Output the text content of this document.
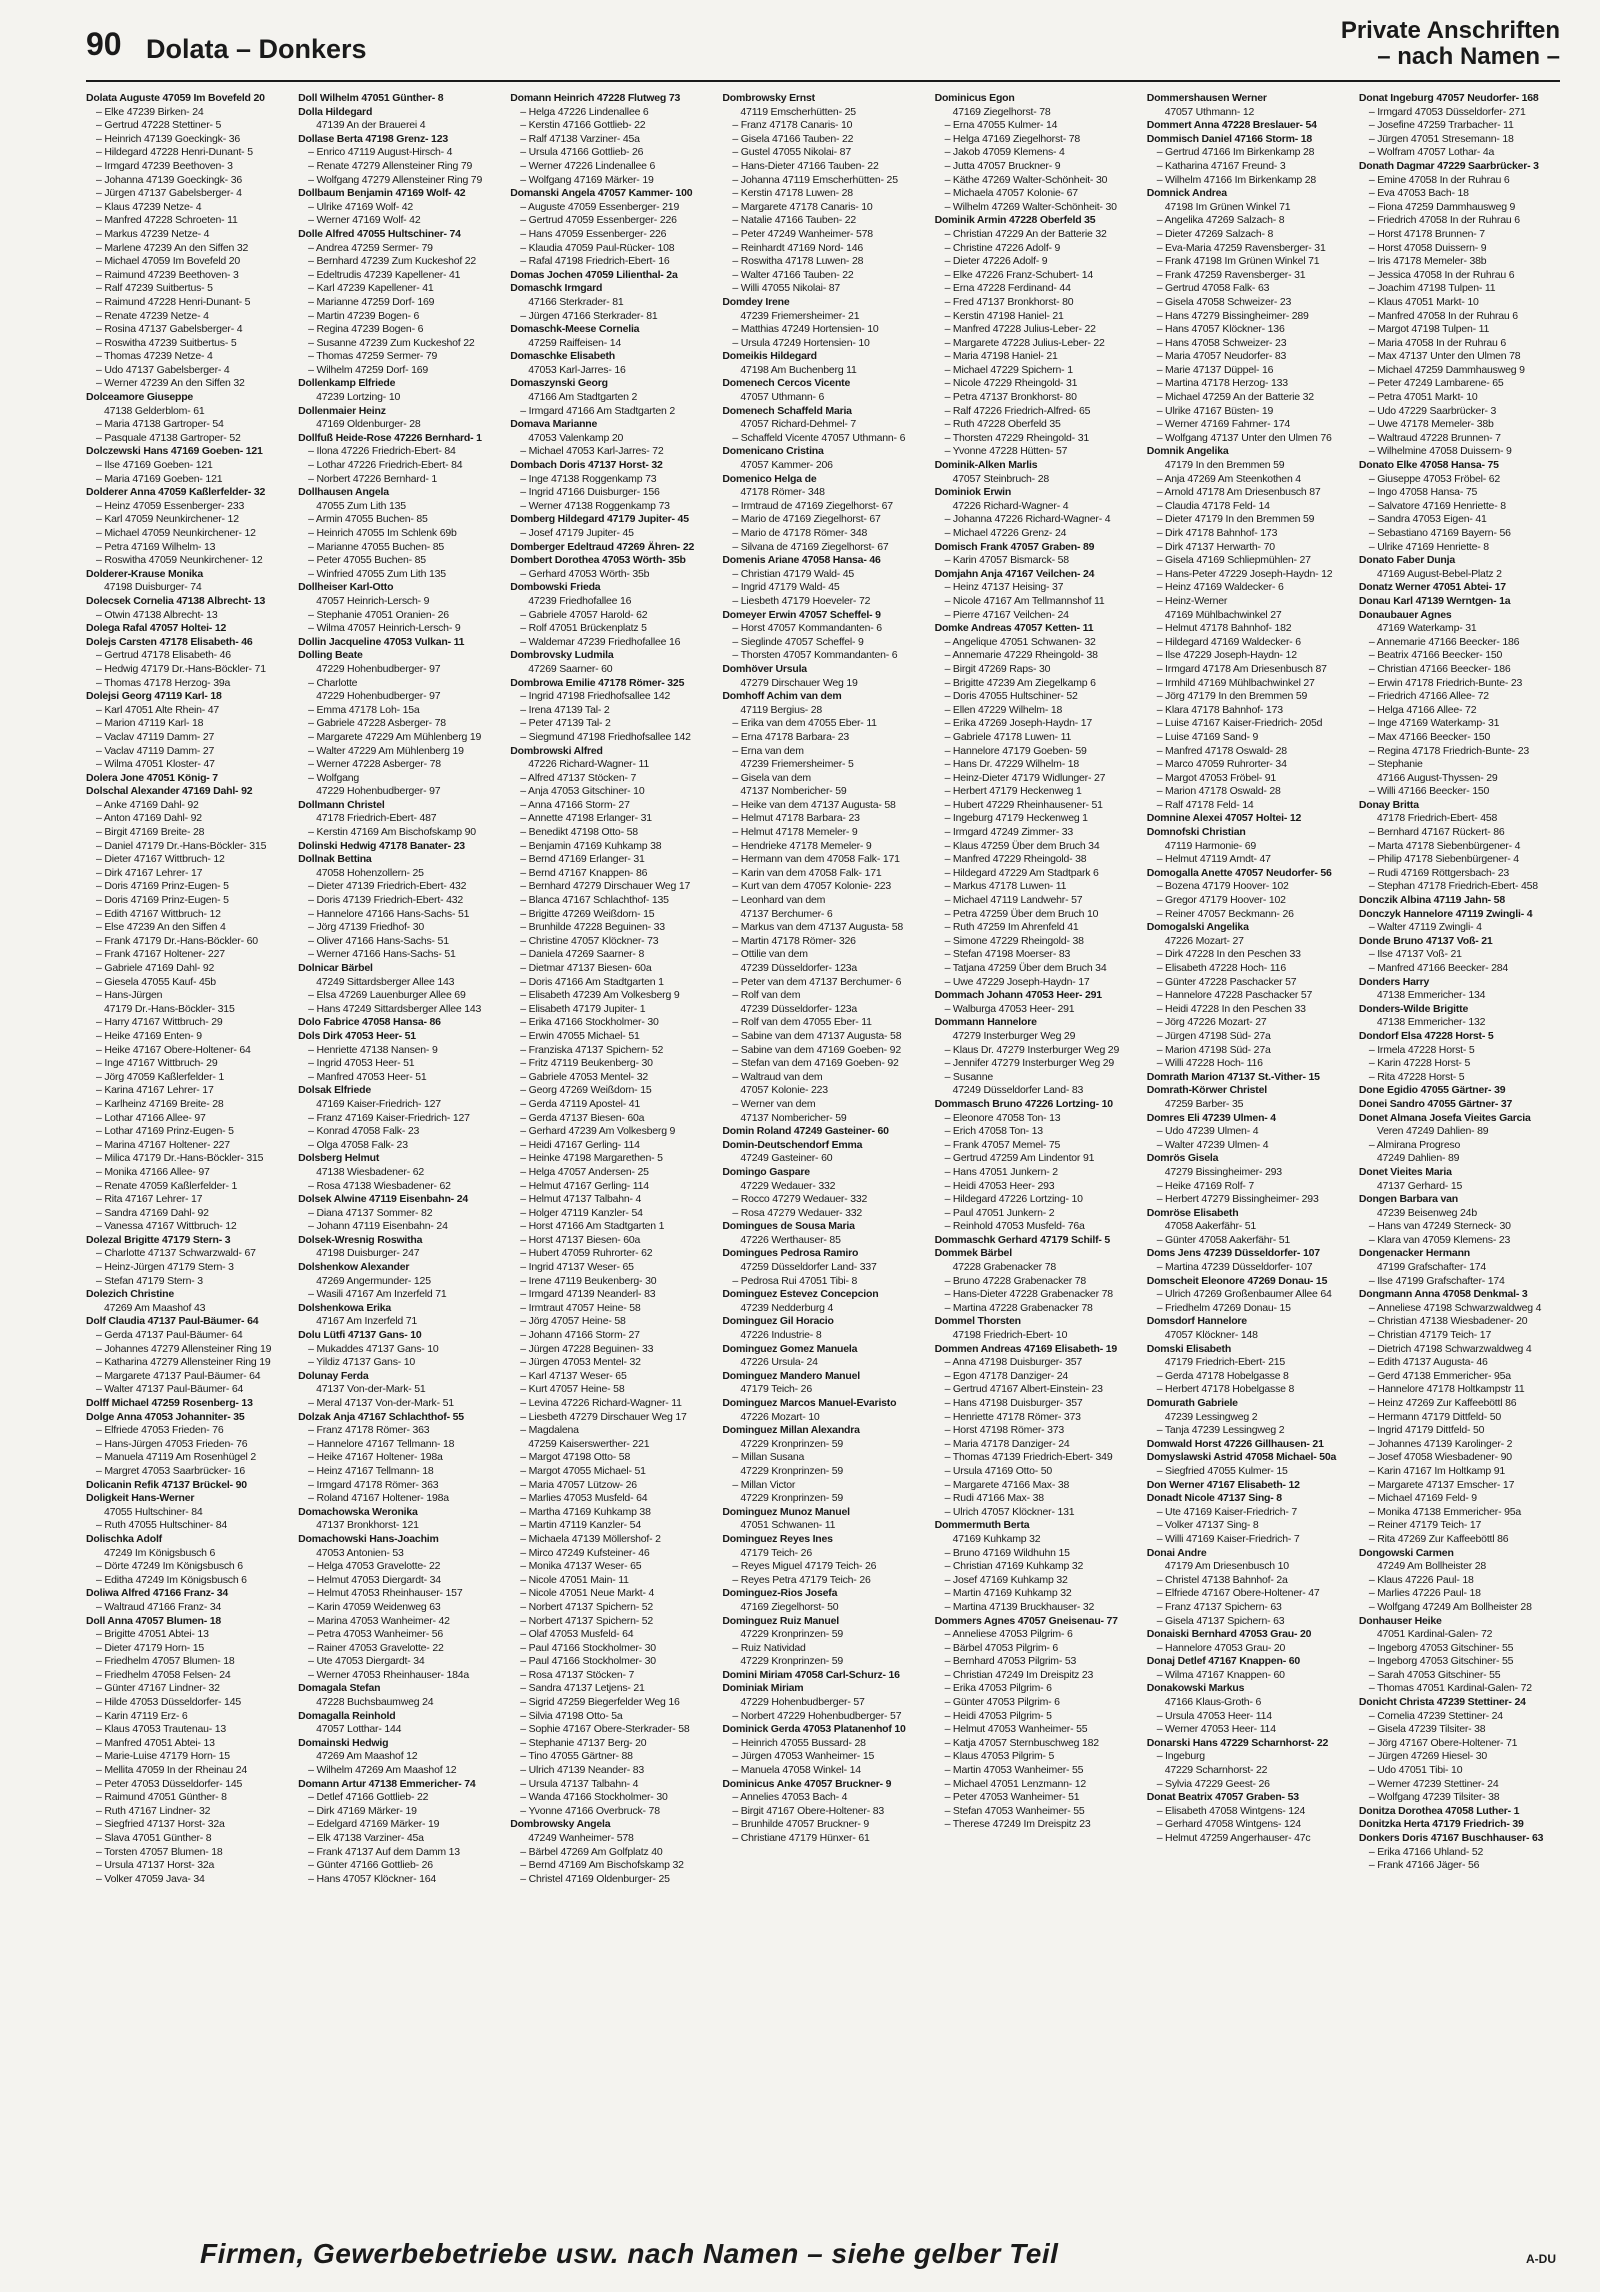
90 Dolata – Donkers
Private Anschriften
– nach Namen –
Dolata Auguste 47059 Im Bovefeld 20
– Elke 47239 Birken- 24
– Gertrud 47228 Stettiner- 5
– Heinrich 47139 Goeckingk- 36
– Hildegard 47228 Henri-Dunant- 5
– Irmgard 47239 Beethoven- 3
– Johanna 47139 Goeckingk- 36
– Jürgen 47137 Gabelsberger- 4
– Klaus 47239 Netze- 4
– Manfred 47228 Schroeten- 11
– Markus 47239 Netze- 4
– Marlene 47239 An den Siffen 32
– Michael 47059 Im Bovefeld 20
– Raimund 47239 Beethoven- 3
– Ralf 47239 Suitbertus- 5
– Raimund 47228 Henri-Dunant- 5
– Renate 47239 Netze- 4
– Rosina 47137 Gabelsberger- 4
– Roswitha 47239 Suitbertus- 5
– Thomas 47239 Netze- 4
– Udo 47137 Gabelsberger- 4
– Werner 47239 An den Siffen 32
Dolceamore Giuseppe
47138 Gelderblom- 61
– Maria 47138 Gartroper- 54
– Pasquale 47138 Gartroper- 52
Dolczewski Hans 47169 Goeben- 121
– Ilse 47169 Goeben- 121
– Maria 47169 Goeben- 121
Dolderer Anna 47059 Kaßlerfelder- 32
– Heinz 47059 Essenberger- 233
– Karl 47059 Neunkirchener- 12
– Michael 47059 Neunkirchener- 12
– Petra 47169 Wilhelm- 13
– Roswitha 47059 Neunkirchener- 12
Dolderer-Krause Monika
47198 Duisburger- 74
Dolecsek Cornelia 47138 Albrecht- 13
– Otwin 47138 Albrecht- 13
Dolega Rafal 47057 Holtei- 12
Dolejs Carsten 47178 Elisabeth- 46
– Gertrud 47178 Elisabeth- 46
– Hedwig 47179 Dr.-Hans-Böckler- 71
– Thomas 47178 Herzog- 39a
Dolejsi Georg 47119 Karl- 18
– Karl 47051 Alte Rhein- 47
– Marion 47119 Karl- 18
– Vaclav 47119 Damm- 27
– Vaclav 47119 Damm- 27
– Wilma 47051 Kloster- 47
Dolera Jone 47051 König- 7
Dolschal Alexander 47169 Dahl- 92
– Anke 47169 Dahl- 92
– Anton 47169 Dahl- 92
– Birgit 47169 Breite- 28
– Daniel 47179 Dr.-Hans-Böckler- 315
– Dieter 47167 Wittbruch- 12
– Dirk 47167 Lehrer- 17
– Doris 47169 Prinz-Eugen- 5
– Doris 47169 Prinz-Eugen- 5
– Edith 47167 Wittbruch- 12
– Else 47239 An den Siffen 4
– Frank 47179 Dr.-Hans-Böckler- 60
– Frank 47167 Holtener- 227
– Gabriele 47169 Dahl- 92
– Giesela 47055 Kauf- 45b
– Hans-Jürgen
47179 Dr.-Hans-Böckler- 315
– Harry 47167 Wittbruch- 29
– Heike 47169 Enten- 9
– Heike 47167 Obere-Holtener- 64
– Inge 47167 Wittbruch- 29
– Jörg 47059 Kaßlerfelder- 1
– Karina 47167 Lehrer- 17
– Karlheinz 47169 Breite- 28
– Lothar 47166 Allee- 97
– Lothar 47169 Prinz-Eugen- 5
– Marina 47167 Holtener- 227
– Milica 47179 Dr.-Hans-Böckler- 315
– Monika 47166 Allee- 97
– Renate 47059 Kaßlerfelder- 1
– Rita 47167 Lehrer- 17
– Sandra 47169 Dahl- 92
– Vanessa 47167 Wittbruch- 12
Dolezal Brigitte 47179 Stern- 3
– Charlotte 47137 Schwarzwald- 67
– Heinz-Jürgen 47179 Stern- 3
– Stefan 47179 Stern- 3
Dolezich Christine
47269 Am Maashof 43
Dolf Claudia 47137 Paul-Bäumer- 64
– Gerda 47137 Paul-Bäumer- 64
– Johannes 47279 Allensteiner Ring 19
– Katharina 47279 Allensteiner Ring 19
– Margarete 47137 Paul-Bäumer- 64
– Walter 47137 Paul-Bäumer- 64
Dolff Michael 47259 Rosenberg- 13
Dolge Anna 47053 Johanniter- 35
– Elfriede 47053 Frieden- 76
– Hans-Jürgen 47053 Frieden- 76
– Manuela 47119 Am Rosenhügel 2
– Margret 47053 Saarbrücker- 16
Dolicanin Refik 47137 Brückel- 90
Doligkeit Hans-Werner
47055 Hultschiner- 84
– Ruth 47055 Hultschiner- 84
Dolischka Adolf
47249 Im Königsbusch 6
– Dörte 47249 Im Königsbusch 6
– Editha 47249 Im Königsbusch 6
Doliwa Alfred 47166 Franz- 34
– Waltraud 47166 Franz- 34
Doll Anna 47057 Blumen- 18
– Brigitte 47051 Abtei- 13
– Dieter 47179 Horn- 15
– Friedhelm 47057 Blumen- 18
– Friedhelm 47058 Felsen- 24
– Günter 47167 Lindner- 32
– Hilde 47053 Düsseldorfer- 145
– Karin 47119 Erz- 6
– Klaus 47053 Trautenau- 13
– Manfred 47051 Abtei- 13
– Marie-Luise 47179 Horn- 15
– Mellita 47059 In der Rheinau 24
– Peter 47053 Düsseldorfer- 145
– Raimund 47051 Günther- 8
– Ruth 47167 Lindner- 32
– Siegfried 47137 Horst- 32a
– Slava 47051 Günther- 8
– Torsten 47057 Blumen- 18
– Ursula 47137 Horst- 32a
– Volker 47059 Java- 34
Doll Wilhelm 47051 Günther- 8
Dolla Hildegard
47139 An der Brauerei 4
Dollase Berta 47198 Grenz- 123
– Enrico 47119 August-Hirsch- 4
– Renate 47279 Allensteiner Ring 79
– Wolfgang 47279 Allensteiner Ring 79
Dollbaum Benjamin 47169 Wolf- 42
– Ulrike 47169 Wolf- 42
– Werner 47169 Wolf- 42
Dolle Alfred 47055 Hultschiner- 74
– Andrea 47259 Sermer- 79
– Bernhard 47239 Zum Kuckeshof 22
– Edeltrudis 47239 Kapellener- 41
– Karl 47239 Kapellener- 41
– Marianne 47259 Dorf- 169
– Martin 47239 Bogen- 6
– Regina 47239 Bogen- 6
– Susanne 47239 Zum Kuckeshof 22
– Thomas 47259 Sermer- 79
– Wilhelm 47259 Dorf- 169
Dollenkamp Elfriede
47239 Lortzing- 10
Dollenmaier Heinz
47169 Oldenburger- 28
Dollfuß Heide-Rose 47226 Bernhard- 1
– Ilona 47226 Friedrich-Ebert- 84
– Lothar 47226 Friedrich-Ebert- 84
– Norbert 47226 Bernhard- 1
Dollhausen Angela
47055 Zum Lith 135
– Armin 47055 Buchen- 85
– Heinrich 47055 Im Schlenk 69b
– Marianne 47055 Buchen- 85
– Peter 47055 Buchen- 85
– Winfried 47055 Zum Lith 135
Dollheiser Karl-Otto
47057 Heinrich-Lersch- 9
– Stephanie 47051 Oranien- 26
– Wilma 47057 Heinrich-Lersch- 9
Dollin Jacqueline 47053 Vulkan- 11
Dolling Beate
47229 Hohenbudberger- 97
– Charlotte
47229 Hohenbudberger- 97
– Emma 47178 Loh- 15a
– Gabriele 47228 Asberger- 78
– Margarete 47229 Am Mühlenberg 19
– Walter 47229 Am Mühlenberg 19
– Werner 47228 Asberger- 78
– Wolfgang
47229 Hohenbudberger- 97
Dollmann Christel
47178 Friedrich-Ebert- 487
– Kerstin 47169 Am Bischofskamp 90
Dolinski Hedwig 47178 Banater- 23
Dollnak Bettina
47058 Hohenzollern- 25
– Dieter 47139 Friedrich-Ebert- 432
– Doris 47139 Friedrich-Ebert- 432
– Hannelore 47166 Hans-Sachs- 51
– Jörg 47139 Friedhof- 30
– Oliver 47166 Hans-Sachs- 51
– Werner 47166 Hans-Sachs- 51
Dolnicar Bärbel
47249 Sittardsberger Allee 143
– Elsa 47269 Lauenburger Allee 69
– Hans 47249 Sittardsberger Allee 143
Dolo Fabrice 47058 Hansa- 86
Dols Dirk 47053 Heer- 51
– Henriette 47138 Nansen- 9
– Ingrid 47053 Heer- 51
– Manfred 47053 Heer- 51
Dolsak Elfriede
47169 Kaiser-Friedrich- 127
– Franz 47169 Kaiser-Friedrich- 127
– Konrad 47058 Falk- 23
– Olga 47058 Falk- 23
Dolsberg Helmut
47138 Wiesbadener- 62
– Rosa 47138 Wiesbadener- 62
Dolsek Alwine 47119 Eisenbahn- 24
– Diana 47137 Sommer- 82
– Johann 47119 Eisenbahn- 24
Dolsek-Wresnig Roswitha
47198 Duisburger- 247
Dolshenkow Alexander
47269 Angermunder- 125
– Wasili 47167 Am Inzerfeld 71
Dolshenkowa Erika
47167 Am Inzerfeld 71
Dolu Lütfi 47137 Gans- 10
– Mukaddes 47137 Gans- 10
– Yildiz 47137 Gans- 10
Dolunay Ferda
47137 Von-der-Mark- 51
– Meral 47137 Von-der-Mark- 51
Dolzak Anja 47167 Schlachthof- 55
– Franz 47178 Römer- 363
– Hannelore 47167 Tellmann- 18
– Heike 47167 Holtener- 198a
– Heinz 47167 Tellmann- 18
– Irmgard 47178 Römer- 363
– Roland 47167 Holtener- 198a
Domachowska Weronika
47137 Bronkhorst- 121
Domachowski Hans-Joachim
47053 Antonien- 53
– Helga 47053 Gravelotte- 22
– Helmut 47053 Diergardt- 34
– Helmut 47053 Rheinhauser- 157
– Karin 47059 Weidenweg 63
– Marina 47053 Wanheimer- 42
– Petra 47053 Wanheimer- 56
– Rainer 47053 Gravelotte- 22
– Ute 47053 Diergardt- 34
– Werner 47053 Rheinhauser- 184a
Domagala Stefan
47228 Buchsbaumweg 24
Domagalla Reinhold
47057 Lotthar- 144
Domainski Hedwig
47269 Am Maashof 12
– Wilhelm 47269 Am Maashof 12
Domann Artur 47138 Emmericher- 74
– Detlef 47166 Gottlieb- 22
– Dirk 47169 Märker- 19
– Edelgard 47169 Märker- 19
– Elk 47138 Varziner- 45a
– Frank 47137 Auf dem Damm 13
– Günter 47166 Gottlieb- 26
– Hans 47057 Klöckner- 164
Domann Heinrich 47228 Flutweg 73
– Helga 47226 Lindenallee 6
– Kerstin 47166 Gottlieb- 22
– Ralf 47138 Varziner- 45a
– Ursula 47166 Gottlieb- 26
– Werner 47226 Lindenallee 6
– Wolfgang 47169 Märker- 19
Domanski Angela 47057 Kammer- 100
– Auguste 47059 Essenberger- 219
– Gertrud 47059 Essenberger- 226
– Hans 47059 Essenberger- 226
– Klaudia 47059 Paul-Rücker- 108
– Rafal 47198 Friedrich-Ebert- 16
Domas Jochen 47059 Lilienthal- 2a
Domaschk Irmgard
47166 Sterkrader- 81
– Jürgen 47166 Sterkrader- 81
Domaschk-Meese Cornelia
47259 Raiffeisen- 14
Domaschke Elisabeth
47053 Karl-Jarres- 16
Domaszynski Georg
47166 Am Stadtgarten 2
– Irmgard 47166 Am Stadtgarten 2
Domava Marianne
47053 Valenkamp 20
– Michael 47053 Karl-Jarres- 72
Dombach Doris 47137 Horst- 32
– Inge 47138 Roggenkamp 73
– Ingrid 47166 Duisburger- 156
– Werner 47138 Roggenkamp 73
Domberg Hildegard 47179 Jupiter- 45
– Josef 47179 Jupiter- 45
Domberger Edeltraud 47269 Ähren- 22
Dombert Dorothea 47053 Wörth- 35b
– Gerhard 47053 Wörth- 35b
Dombowski Frieda
47239 Friedhofallee 16
– Gabriele 47057 Harold- 62
– Rolf 47051 Brückenplatz 5
– Waldemar 47239 Friedhofallee 16
Dombrovsky Ludmila
47269 Saarner- 60
Dombrowa Emilie 47178 Römer- 325
– Ingrid 47198 Friedhofsallee 142
– Irena 47139 Tal- 2
– Peter 47139 Tal- 2
– Siegmund 47198 Friedhofsallee 142
Dombrowski Alfred
47226 Richard-Wagner- 11
– Alfred 47137 Stöcken- 7
– Anja 47053 Gitschiner- 10
– Anna 47166 Storm- 27
– Annette 47198 Erlanger- 31
– Benedikt 47198 Otto- 58
– Benjamin 47169 Kuhkamp 38
– Bernd 47169 Erlanger- 31
– Bernd 47167 Knappen- 86
– Bernhard 47279 Dirschauer Weg 17
– Blanca 47167 Schlachthof- 135
– Brigitte 47269 Weißdorn- 15
– Brunhilde 47228 Beguinen- 33
– Christine 47057 Klöckner- 73
– Daniela 47269 Saarner- 8
– Dietmar 47137 Biesen- 60a
– Doris 47166 Am Stadtgarten 1
– Elisabeth 47239 Am Volkesberg 9
– Elisabeth 47179 Jupiter- 1
– Erika 47166 Stockholmer- 30
– Erwin 47055 Michael- 51
– Franziska 47137 Spichern- 52
– Fritz 47119 Beukenberg- 30
– Gabriele 47053 Mentel- 32
– Georg 47269 Weißdorn- 15
– Gerda 47119 Apostel- 41
– Gerda 47137 Biesen- 60a
– Gerhard 47239 Am Volkesberg 9
– Heidi 47167 Gerling- 114
– Heinke 47198 Margarethen- 5
– Helga 47057 Andersen- 25
– Helmut 47167 Gerling- 114
– Helmut 47137 Talbahn- 4
– Holger 47119 Kanzler- 54
– Horst 47166 Am Stadtgarten 1
– Horst 47137 Biesen- 60a
– Hubert 47059 Ruhrorter- 62
– Ingrid 47137 Weser- 65
– Irene 47119 Beukenberg- 30
– Irmgard 47139 Neanderl- 83
– Irmtraut 47057 Heine- 58
– Jörg 47057 Heine- 58
– Johann 47166 Storm- 27
– Jürgen 47228 Beguinen- 33
– Jürgen 47053 Mentel- 32
– Karl 47137 Weser- 65
– Kurt 47057 Heine- 58
– Levina 47226 Richard-Wagner- 11
– Liesbeth 47279 Dirschauer Weg 17
– Magdalena
47259 Kaiserswerther- 221
– Margot 47198 Otto- 58
– Margot 47055 Michael- 51
– Maria 47057 Lützow- 26
– Marlies 47053 Musfeld- 64
– Martha 47169 Kuhkamp 38
– Martin 47119 Kanzler- 54
– Michaela 47139 Möllershof- 2
– Mirco 47249 Kufsteiner- 46
– Monika 47137 Weser- 65
– Nicole 47051 Main- 11
– Nicole 47051 Neue Markt- 4
– Norbert 47137 Spichern- 52
– Norbert 47137 Spichern- 52
– Olaf 47053 Musfeld- 64
– Paul 47166 Stockholmer- 30
– Paul 47166 Stockholmer- 30
– Rosa 47137 Stöcken- 7
– Sandra 47137 Letjens- 21
– Sigrid 47259 Biegerfelder Weg 16
– Silvia 47198 Otto- 5a
– Sophie 47167 Obere-Sterkrader- 58
– Stephanie 47137 Berg- 20
– Tino 47055 Gärtner- 88
– Ulrich 47139 Neander- 83
– Ursula 47137 Talbahn- 4
– Wanda 47166 Stockholmer- 30
– Yvonne 47166 Overbruck- 78
Dombrowsky Angela
47249 Wanheimer- 578
– Bärbel 47269 Am Golfplatz 40
– Bernd 47169 Am Bischofskamp 32
– Christel 47169 Oldenburger- 25
Dombrowsky Ernst
47119 Emscherhütten- 25
– Franz 47178 Canaris- 10
– Gisela 47166 Tauben- 22
– Gustel 47055 Nikolai- 87
– Hans-Dieter 47166 Tauben- 22
– Johanna 47119 Emscherhütten- 25
– Kerstin 47178 Luwen- 28
– Margarete 47178 Canaris- 10
– Natalie 47166 Tauben- 22
– Peter 47249 Wanheimer- 578
– Reinhardt 47169 Nord- 146
– Roswitha 47178 Luwen- 28
– Walter 47166 Tauben- 22
– Willi 47055 Nikolai- 87
Domdey Irene
47239 Friemersheimer- 21
– Matthias 47249 Hortensien- 10
– Ursula 47249 Hortensien- 10
Domeikis Hildegard
47198 Am Buchenberg 11
Domenech Cercos Vicente
47057 Uthmann- 6
Domenech Schaffeld Maria
47057 Richard-Dehmel- 7
– Schaffeld Vicente 47057 Uthmann- 6
Domenicano Cristina
47057 Kammer- 206
Domenico Helga de
47178 Römer- 348
– Irmtraud de 47169 Ziegelhorst- 67
– Mario de 47169 Ziegelhorst- 67
– Mario de 47178 Römer- 348
– Silvana de 47169 Ziegelhorst- 67
Domenis Ariane 47058 Hansa- 46
– Christian 47179 Wald- 45
– Ingrid 47179 Wald- 45
– Liesbeth 47179 Hoeveler- 72
Domeyer Erwin 47057 Scheffel- 9
– Horst 47057 Kommandanten- 6
– Sieglinde 47057 Scheffel- 9
– Thorsten 47057 Kommandanten- 6
Domhöver Ursula
47279 Dirschauer Weg 19
Domhoff Achim van dem
47119 Bergius- 28
– Erika van dem 47055 Eber- 11
– Erna 47178 Barbara- 23
– Erna van dem
47239 Friemersheimer- 5
– Gisela van dem
47137 Nombericher- 59
– Heike van dem 47137 Augusta- 58
– Helmut 47178 Barbara- 23
– Helmut 47178 Memeler- 9
– Hendrieke 47178 Memeler- 9
– Hermann van dem 47058 Falk- 171
– Karin van dem 47058 Falk- 171
– Kurt van dem 47057 Kolonie- 223
– Leonhard van dem
47137 Berchumer- 6
– Markus van dem 47137 Augusta- 58
– Martin 47178 Römer- 326
– Ottilie van dem
47239 Düsseldorfer- 123a
– Peter van dem 47137 Berchumer- 6
– Rolf van dem
47239 Düsseldorfer- 123a
– Rolf van dem 47055 Eber- 11
– Sabine van dem 47137 Augusta- 58
– Sabine van dem 47169 Goeben- 92
– Stefan van dem 47169 Goeben- 92
– Waltraud van dem
47057 Kolonie- 223
– Werner van dem
47137 Nombericher- 59
Domin Roland 47249 Gasteiner- 60
Domin-Deutschendorf Emma
47249 Gasteiner- 60
Domingo Gaspare
47229 Wedauer- 332
– Rocco 47279 Wedauer- 332
– Rosa 47279 Wedauer- 332
Domingues de Sousa Maria
47226 Werthauser- 85
Domingues Pedrosa Ramiro
47259 Düsseldorfer Land- 337
– Pedrosa Rui 47051 Tibi- 8
Dominguez Estevez Concepcion
47239 Nedderburg 4
Dominguez Gil Horacio
47226 Industrie- 8
Dominguez Gomez Manuela
47226 Ursula- 24
Dominguez Mandero Manuel
47179 Teich- 26
Dominguez Marcos Manuel-Evaristo
47226 Mozart- 10
Dominguez Millan Alexandra
47229 Kronprinzen- 59
– Millan Susana
47229 Kronprinzen- 59
– Millan Victor
47229 Kronprinzen- 59
Dominguez Munoz Manuel
47051 Schwanen- 11
Dominguez Reyes Ines
47179 Teich- 26
– Reyes Miguel 47179 Teich- 26
– Reyes Petra 47179 Teich- 26
Dominguez-Rios Josefa
47169 Ziegelhorst- 50
Dominguez Ruiz Manuel
47229 Kronprinzen- 59
– Ruiz Natividad
47229 Kronprinzen- 59
Domini Miriam 47058 Carl-Schurz- 16
Dominiak Miriam
47229 Hohenbudberger- 57
– Norbert 47229 Hohenbudberger- 57
Dominick Gerda 47053 Platanenhof 10
– Heinrich 47055 Bussard- 28
– Jürgen 47053 Wanheimer- 15
– Manuela 47058 Winkel- 14
Dominicus Anke 47057 Bruckner- 9
– Annelies 47053 Bach- 4
– Birgit 47167 Obere-Holtener- 83
– Brunhilde 47057 Bruckner- 9
– Christiane 47179 Hünxer- 61
Dominicus Egon
47169 Ziegelhorst- 78
– Erna 47055 Kulmer- 14
– Helga 47169 Ziegelhorst- 78
– Jakob 47059 Klemens- 4
– Jutta 47057 Bruckner- 9
– Käthe 47269 Walter-Schönheit- 30
– Michaela 47057 Kolonie- 67
– Wilhelm 47269 Walter-Schönheit- 30
Dominik Armin 47228 Oberfeld 35
– Christian 47229 An der Batterie 32
– Christine 47226 Adolf- 9
– Dieter 47226 Adolf- 9
– Elke 47226 Franz-Schubert- 14
– Erna 47228 Ferdinand- 44
– Fred 47137 Bronkhorst- 80
– Kerstin 47198 Haniel- 21
– Manfred 47228 Julius-Leber- 22
– Margarete 47228 Julius-Leber- 22
– Maria 47198 Haniel- 21
– Michael 47229 Spichern- 1
– Nicole 47229 Rheingold- 31
– Petra 47137 Bronkhorst- 80
– Ralf 47226 Friedrich-Alfred- 65
– Ruth 47228 Oberfeld 35
– Thorsten 47229 Rheingold- 31
– Yvonne 47228 Hütten- 57
Dominik-Alken Marlis
47057 Steinbruch- 28
Dominiok Erwin
47226 Richard-Wagner- 4
– Johanna 47226 Richard-Wagner- 4
– Michael 47226 Grenz- 24
Domisch Frank 47057 Graben- 89
– Karin 47057 Bismarck- 58
Domjahn Anja 47167 Veilchen- 24
– Heinz 47137 Heising- 37
– Nicole 47167 Am Tellmannshof 11
– Pierre 47167 Veilchen- 24
Domke Andreas 47057 Ketten- 11
– Angelique 47051 Schwanen- 32
– Annemarie 47229 Rheingold- 38
– Birgit 47269 Raps- 30
– Brigitte 47239 Am Ziegelkamp 6
– Doris 47055 Hultschiner- 52
– Ellen 47229 Wilhelm- 18
– Erika 47269 Joseph-Haydn- 17
– Gabriele 47178 Luwen- 11
– Hannelore 47179 Goeben- 59
– Hans Dr. 47229 Wilhelm- 18
– Heinz-Dieter 47179 Widlunger- 27
– Herbert 47179 Heckenweg 1
– Hubert 47229 Rheinhausener- 51
– Ingeburg 47179 Heckenweg 1
– Irmgard 47249 Zimmer- 33
– Klaus 47259 Über dem Bruch 34
– Manfred 47229 Rheingold- 38
– Hildegard 47229 Am Stadtpark 6
– Markus 47178 Luwen- 11
– Michael 47119 Landwehr- 57
– Petra 47259 Über dem Bruch 10
– Ruth 47259 Im Ahrenfeld 41
– Simone 47229 Rheingold- 38
– Stefan 47198 Moerser- 83
– Tatjana 47259 Über dem Bruch 34
– Uwe 47229 Joseph-Haydn- 17
Dommach Johann 47053 Heer- 291
– Walburga 47053 Heer- 291
Dommann Hannelore
47279 Insterburger Weg 29
– Klaus Dr. 47279 Insterburger Weg 29
– Jennifer 47279 Insterburger Weg 29
– Susanne
47249 Düsseldorfer Land- 83
Dommasch Bruno 47226 Lortzing- 10
– Eleonore 47058 Ton- 13
– Erich 47058 Ton- 13
– Frank 47057 Memel- 75
– Gertrud 47259 Am Lindentor 91
– Hans 47051 Junkern- 2
– Heidi 47053 Heer- 293
– Hildegard 47226 Lortzing- 10
– Paul 47051 Junkern- 2
– Reinhold 47053 Musfeld- 76a
Dommaschk Gerhard 47179 Schilf- 5
Dommek Bärbel
47228 Grabenacker 78
– Bruno 47228 Grabenacker 78
– Hans-Dieter 47228 Grabenacker 78
– Martina 47228 Grabenacker 78
Dommel Thorsten
47198 Friedrich-Ebert- 10
Dommen Andreas 47169 Elisabeth- 19
– Anna 47198 Duisburger- 357
– Egon 47178 Danziger- 24
– Gertrud 47167 Albert-Einstein- 23
– Hans 47198 Duisburger- 357
– Henriette 47178 Römer- 373
– Horst 47198 Römer- 373
– Maria 47178 Danziger- 24
– Thomas 47139 Friedrich-Ebert- 349
– Ursula 47169 Otto- 50
– Margarete 47166 Max- 38
– Rudi 47166 Max- 38
– Ulrich 47057 Klöckner- 131
Dommermuth Berta
47169 Kuhkamp 32
– Bruno 47169 Wildhuhn 15
– Christian 47169 Kuhkamp 32
– Josef 47169 Kuhkamp 32
– Martin 47169 Kuhkamp 32
– Martina 47139 Bruckhauser- 32
Dommers Agnes 47057 Gneisenau- 77
– Anneliese 47053 Pilgrim- 6
– Bärbel 47053 Pilgrim- 6
– Bernhard 47053 Pilgrim- 53
– Christian 47249 Im Dreispitz 23
– Erika 47053 Pilgrim- 6
– Günter 47053 Pilgrim- 6
– Heidi 47053 Pilgrim- 5
– Helmut 47053 Wanheimer- 55
– Katja 47057 Sternbuschweg 182
– Klaus 47053 Pilgrim- 5
– Martin 47053 Wanheimer- 55
– Michael 47051 Lenzmann- 12
– Peter 47053 Wanheimer- 51
– Stefan 47053 Wanheimer- 55
– Therese 47249 Im Dreispitz 23
Dommershausen Werner
47057 Uthmann- 12
Dommert Anna 47228 Breslauer- 54
Dommisch Daniel 47166 Storm- 18
– Gertrud 47166 Im Birkenkamp 28
– Katharina 47167 Freund- 3
– Wilhelm 47166 Im Birkenkamp 28
Domnick Andrea
47198 Im Grünen Winkel 71
– Angelika 47269 Salzach- 8
– Dieter 47269 Salzach- 8
– Eva-Maria 47259 Ravensberger- 31
– Frank 47198 Im Grünen Winkel 71
– Frank 47259 Ravensberger- 31
– Gertrud 47058 Falk- 63
– Gisela 47058 Schweizer- 23
– Hans 47279 Bissingheimer- 289
– Hans 47057 Klöckner- 136
– Hans 47058 Schweizer- 23
– Maria 47057 Neudorfer- 83
– Marie 47137 Düppel- 16
– Martina 47178 Herzog- 133
– Michael 47259 An der Batterie 32
– Ulrike 47167 Büsten- 19
– Werner 47169 Fahrner- 174
– Wolfgang 47137 Unter den Ulmen 76
Domnik Angelika
47179 In den Bremmen 59
– Anja 47269 Am Steenkothen 4
– Arnold 47178 Am Driesenbusch 87
– Claudia 47178 Feld- 14
– Dieter 47179 In den Bremmen 59
– Dirk 47178 Bahnhof- 173
– Dirk 47137 Herwarth- 70
– Gisela 47169 Schliepmühlen- 27
– Hans-Peter 47229 Joseph-Haydn- 12
– Heinz 47169 Waldecker- 6
– Heinz-Werner
47169 Mühlbachwinkel 27
– Helmut 47178 Bahnhof- 182
– Hildegard 47169 Waldecker- 6
– Ilse 47229 Joseph-Haydn- 12
– Irmgard 47178 Am Driesenbusch 87
– Irmhild 47169 Mühlbachwinkel 27
– Jörg 47179 In den Bremmen 59
– Klara 47178 Bahnhof- 173
– Luise 47167 Kaiser-Friedrich- 205d
– Luise 47169 Sand- 9
– Manfred 47178 Oswald- 28
– Marco 47059 Ruhrorter- 34
– Margot 47053 Fröbel- 91
– Marion 47178 Oswald- 28
– Ralf 47178 Feld- 14
Domnine Alexei 47057 Holtei- 12
Domnofski Christian
47119 Harmonie- 69
– Helmut 47119 Arndt- 47
Domogalla Anette 47057 Neudorfer- 56
– Bozena 47179 Hoover- 102
– Gregor 47179 Hoover- 102
– Reiner 47057 Beckmann- 26
Domogalski Angelika
47226 Mozart- 27
– Dirk 47228 In den Peschen 33
– Elisabeth 47228 Hoch- 116
– Günter 47228 Paschacker 57
– Hannelore 47228 Paschacker 57
– Heidi 47228 In den Peschen 33
– Jörg 47226 Mozart- 27
– Jürgen 47198 Süd- 27a
– Marion 47198 Süd- 27a
– Willi 47228 Hoch- 116
Domrath Marion 47137 St.-Vither- 15
Domrath-Körwer Christel
47259 Barber- 35
Domres Eli 47239 Ulmen- 4
– Udo 47239 Ulmen- 4
– Walter 47239 Ulmen- 4
Domrös Gisela
47279 Bissingheimer- 293
– Heike 47169 Rolf- 7
– Herbert 47279 Bissingheimer- 293
Domröse Elisabeth
47058 Aakerfähr- 51
– Günter 47058 Aakerfähr- 51
Doms Jens 47239 Düsseldorfer- 107
– Martina 47239 Düsseldorfer- 107
Domscheit Eleonore 47269 Donau- 15
– Ulrich 47269 Großenbaumer Allee 64
– Friedhelm 47269 Donau- 15
Domsdorf Hannelore
47057 Klöckner- 148
Domski Elisabeth
47179 Friedrich-Ebert- 215
– Gerda 47178 Hobelgasse 8
– Herbert 47178 Hobelgasse 8
Domurath Gabriele
47239 Lessingweg 2
– Tanja 47239 Lessingweg 2
Domwald Horst 47226 Gillhausen- 21
Domyslawski Astrid 47058 Michael- 50a
– Siegfried 47055 Kulmer- 15
Don Werner 47167 Elisabeth- 12
Donadt Nicole 47137 Sing- 8
– Ute 47169 Kaiser-Friedrich- 7
– Volker 47137 Sing- 8
– Willi 47169 Kaiser-Friedrich- 7
Donai Andre
47179 Am Driesenbusch 10
– Christel 47138 Bahnhof- 2a
– Elfriede 47167 Obere-Holtener- 47
– Franz 47137 Spichern- 63
– Gisela 47137 Spichern- 63
Donaiski Bernhard 47053 Grau- 20
– Hannelore 47053 Grau- 20
Donaj Detlef 47167 Knappen- 60
– Wilma 47167 Knappen- 60
Donakowski Markus
47166 Klaus-Groth- 6
– Ursula 47053 Heer- 114
– Werner 47053 Heer- 114
Donarski Hans 47229 Scharnhorst- 22
– Ingeburg
47229 Scharnhorst- 22
– Sylvia 47229 Geest- 26
Donat Beatrix 47057 Graben- 53
– Elisabeth 47058 Wintgens- 124
– Gerhard 47058 Wintgens- 124
– Helmut 47259 Angerhauser- 47c
Donat Ingeburg 47057 Neudorfer- 168
– Irmgard 47053 Düsseldorfer- 271
– Josefine 47259 Trarbacher- 11
– Jürgen 47051 Stresemann- 18
– Wolfram 47057 Lothar- 4a
Donath Dagmar 47229 Saarbrücker- 3
– Emine 47058 In der Ruhrau 6
– Eva 47053 Bach- 18
– Fiona 47259 Dammhausweg 9
– Friedrich 47058 In der Ruhrau 6
– Horst 47178 Brunnen- 7
– Horst 47058 Duissern- 9
– Iris 47178 Memeler- 38b
– Jessica 47058 In der Ruhrau 6
– Joachim 47198 Tulpen- 11
– Klaus 47051 Markt- 10
– Manfred 47058 In der Ruhrau 6
– Margot 47198 Tulpen- 11
– Maria 47058 In der Ruhrau 6
– Max 47137 Unter den Ulmen 78
– Michael 47259 Dammhausweg 9
– Peter 47249 Lambarene- 65
– Petra 47051 Markt- 10
– Udo 47229 Saarbrücker- 3
– Uwe 47178 Memeler- 38b
– Waltraud 47228 Brunnen- 7
– Wilhelmine 47058 Duissern- 9
Donato Elke 47058 Hansa- 75
– Giuseppe 47053 Fröbel- 62
– Ingo 47058 Hansa- 75
– Salvatore 47169 Henriette- 8
– Sandra 47053 Eigen- 41
– Sebastiano 47169 Bayern- 56
– Ulrike 47169 Henriette- 8
Donato Faber Dunja
47169 August-Bebel-Platz 2
Donatz Werner 47051 Abtei- 17
Donau Karl 47139 Werntgen- 1a
Donaubauer Agnes
47169 Waterkamp- 31
– Annemarie 47166 Beecker- 186
– Beatrix 47166 Beecker- 150
– Christian 47166 Beecker- 186
– Erwin 47178 Friedrich-Bunte- 23
– Friedrich 47166 Allee- 72
– Helga 47166 Allee- 72
– Inge 47169 Waterkamp- 31
– Max 47166 Beecker- 150
– Regina 47178 Friedrich-Bunte- 23
– Stephanie
47166 August-Thyssen- 29
– Willi 47166 Beecker- 150
Donay Britta
47178 Friedrich-Ebert- 458
– Bernhard 47167 Rückert- 86
– Marta 47178 Siebenbürgener- 4
– Philip 47178 Siebenbürgener- 4
– Rudi 47169 Röttgersbach- 23
– Stephan 47178 Friedrich-Ebert- 458
Donczik Albina 47119 Jahn- 58
Donczyk Hannelore 47119 Zwingli- 4
– Walter 47119 Zwingli- 4
Donde Bruno 47137 Voß- 21
– Ilse 47137 Voß- 21
– Manfred 47166 Beecker- 284
Donders Harry
47138 Emmericher- 134
Donders-Wilde Brigitte
47138 Emmericher- 132
Dondorf Elsa 47228 Horst- 5
– Irmela 47228 Horst- 5
– Karin 47228 Horst- 5
– Rita 47228 Horst- 5
Done Egidio 47055 Gärtner- 39
Donei Sandro 47055 Gärtner- 37
Donet Almana Josefa Vieites Garcia
Veren 47249 Dahlien- 89
– Almirana Progreso
47249 Dahlien- 89
Donet Vieites Maria
47137 Gerhard- 15
Dongen Barbara van
47239 Beisenweg 24b
– Hans van 47249 Sterneck- 30
– Klara van 47059 Klemens- 23
Dongenacker Hermann
47199 Grafschafter- 174
– Ilse 47199 Grafschafter- 174
Dongmann Anna 47058 Denkmal- 3
– Anneliese 47198 Schwarzwaldweg 4
– Christian 47138 Wiesbadener- 20
– Christian 47179 Teich- 17
– Dietrich 47198 Schwarzwaldweg 4
– Edith 47137 Augusta- 46
– Gerd 47138 Emmericher- 95a
– Hannelore 47178 Holtkampstr 11
– Heinz 47269 Zur Kaffeeböttl 86
– Hermann 47179 Dittfeld- 50
– Ingrid 47179 Dittfeld- 50
– Johannes 47139 Karolinger- 2
– Josef 47058 Wiesbadener- 90
– Karin 47167 Im Holtkamp 91
– Margarete 47137 Emscher- 17
– Michael 47169 Feld- 9
– Monika 47138 Emmericher- 95a
– Reiner 47179 Teich- 17
– Rita 47269 Zur Kaffeeböttl 86
Dongowski Carmen
47249 Am Bollheister 28
– Klaus 47226 Paul- 18
– Marlies 47226 Paul- 18
– Wolfgang 47249 Am Bollheister 28
Donhauser Heike
47051 Kardinal-Galen- 72
– Ingeborg 47053 Gitschiner- 55
– Ingeborg 47053 Gitschiner- 55
– Sarah 47053 Gitschiner- 55
– Thomas 47051 Kardinal-Galen- 72
Donicht Christa 47239 Stettiner- 24
– Cornelia 47239 Stettiner- 24
– Gisela 47239 Tilsiter- 38
– Jörg 47167 Obere-Holtener- 71
– Jürgen 47269 Hiesel- 30
– Udo 47051 Tibi- 10
– Werner 47239 Stettiner- 24
– Wolfgang 47239 Tilsiter- 38
Donitza Dorothea 47058 Luther- 1
Donitzka Herta 47179 Friedrich- 39
Donkers Doris 47167 Buschhauser- 63
– Erika 47166 Uhland- 52
– Frank 47166 Jäger- 56
Firmen, Gewerbebetriebe usw. nach Namen – siehe gelber Teil	A-DU
